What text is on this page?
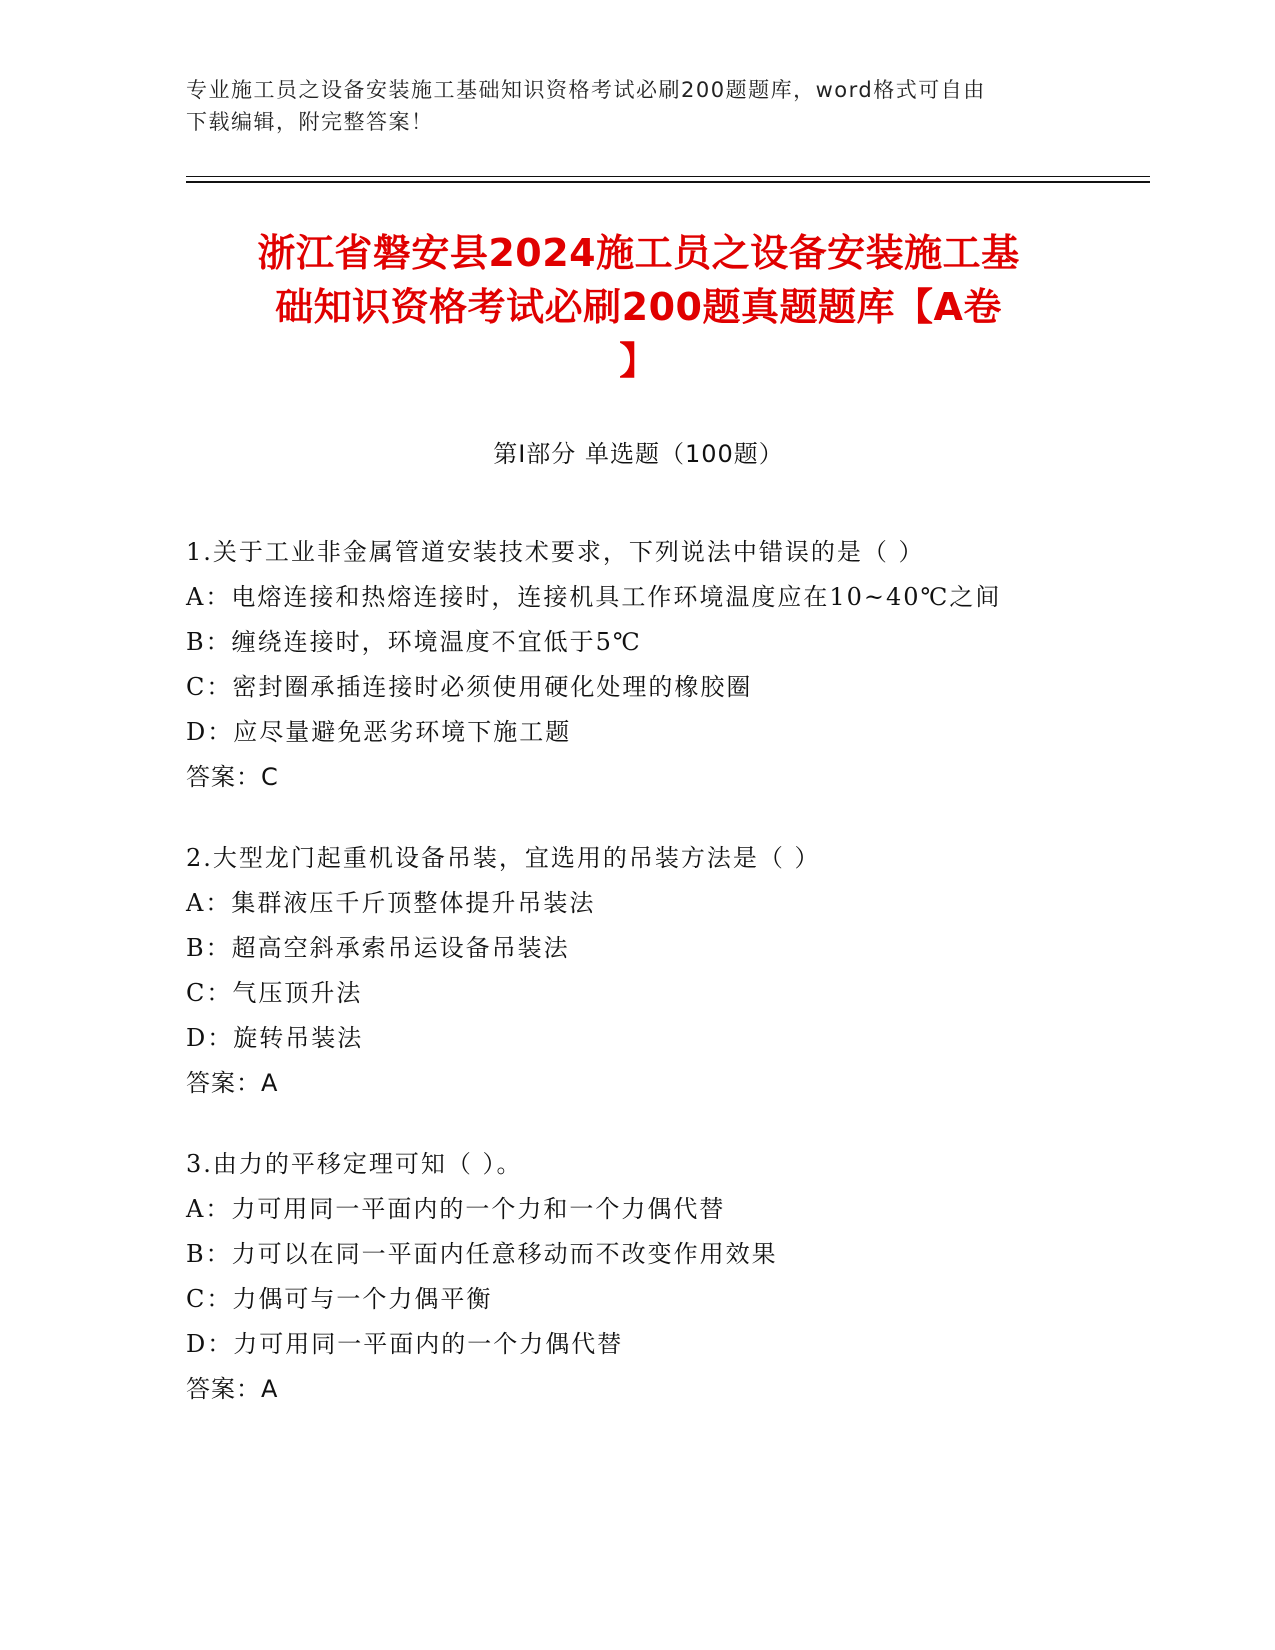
专业施工员之设备安装施工基础知识资格考试必刷200题题库，word格式可自由
下载编辑，附完整答案！
浙江省磐安县2024施工员之设备安装施工基
础知识资格考试必刷200题真题题库【A卷
】
第Ⅰ部分 单选题（100题）
1.关于工业非金属管道安装技术要求，下列说法中错误的是（ ）
A：电熔连接和热熔连接时，连接机具工作环境温度应在10~40℃之间
B：缠绕连接时，环境温度不宜低于5℃
C：密封圈承插连接时必须使用硬化处理的橡胶圈
D：应尽量避免恶劣环境下施工题
答案：C
2.大型龙门起重机设备吊装，宜选用的吊装方法是（ ）
A：集群液压千斤顶整体提升吊装法
B：超高空斜承索吊运设备吊装法
C：气压顶升法
D：旋转吊装法
答案：A
3.由力的平移定理可知（ ）。
A：力可用同一平面内的一个力和一个力偶代替
B：力可以在同一平面内任意移动而不改变作用效果
C：力偶可与一个力偶平衡
D：力可用同一平面内的一个力偶代替
答案：A
